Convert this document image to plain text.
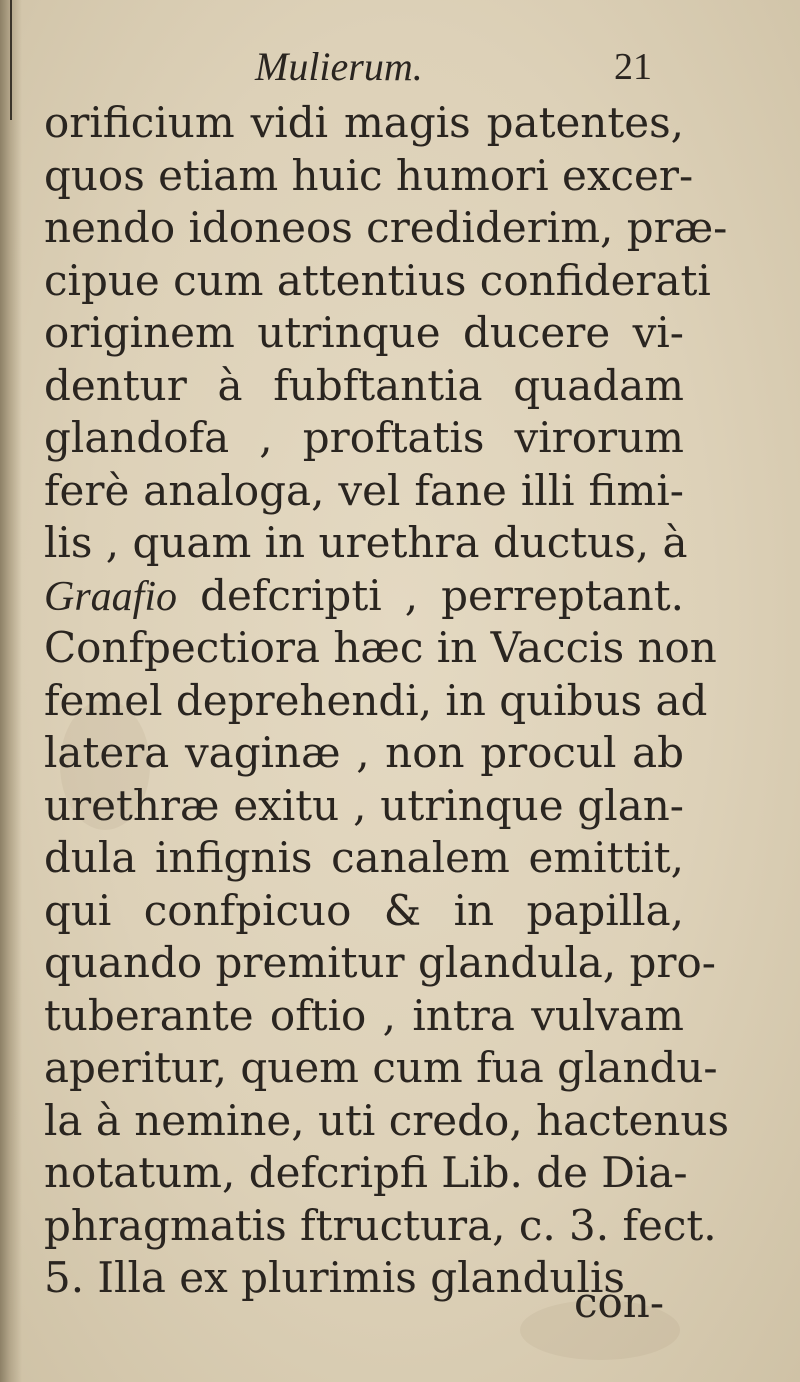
Mulierum.	21
orificium vidi magis patentes,
quos etiam huic humori excer-
nendo idoneos crediderim, præ-
cipue cum attentius confiderati
originem utrinque ducere vi-
dentur à fubftantia quadam
glandofa , proftatis virorum
ferè analoga, vel fane illi fimi-
lis , quam in urethra ductus, à
Graafio defcripti , perreptant.
Confpectiora hæc in Vaccis non
femel deprehendi, in quibus ad
latera vaginæ , non procul ab
urethræ exitu , utrinque glan-
dula infignis canalem emittit,
qui confpicuo & in papilla,
quando premitur glandula, pro-
tuberante oftio , intra vulvam
aperitur, quem cum fua glandu-
la à nemine, uti credo, hactenus
notatum, defcripfi Lib. de Dia-
phragmatis ftructura, c. 3. fect.
5. Illa ex plurimis glandulis
con-
